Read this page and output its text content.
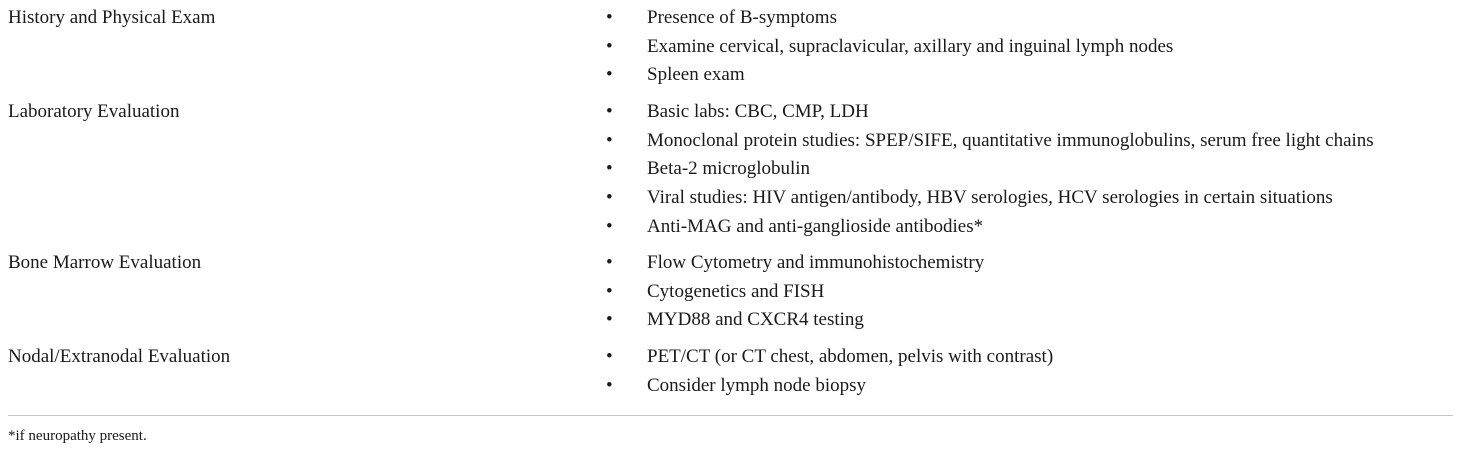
History and Physical Exam	•	Presence of B-symptoms
•	Examine cervical, supraclavicular, axillary and inguinal lymph nodes
•	Spleen exam
Laboratory Evaluation	•	Basic labs: CBC, CMP, LDH
•	Monoclonal protein studies: SPEP/SIFE, quantitative immunoglobulins, serum free light chains
•	Beta-2 microglobulin
•	Viral studies: HIV antigen/antibody, HBV serologies, HCV serologies in certain situations
•	Anti-MAG and anti-ganglioside antibodies*
Bone Marrow Evaluation	•	Flow Cytometry and immunohistochemistry
•	Cytogenetics and FISH
•	MYD88 and CXCR4 testing
Nodal/Extranodal Evaluation	•	PET/CT (or CT chest, abdomen, pelvis with contrast)
•	Consider lymph node biopsy
*if neuropathy present.
